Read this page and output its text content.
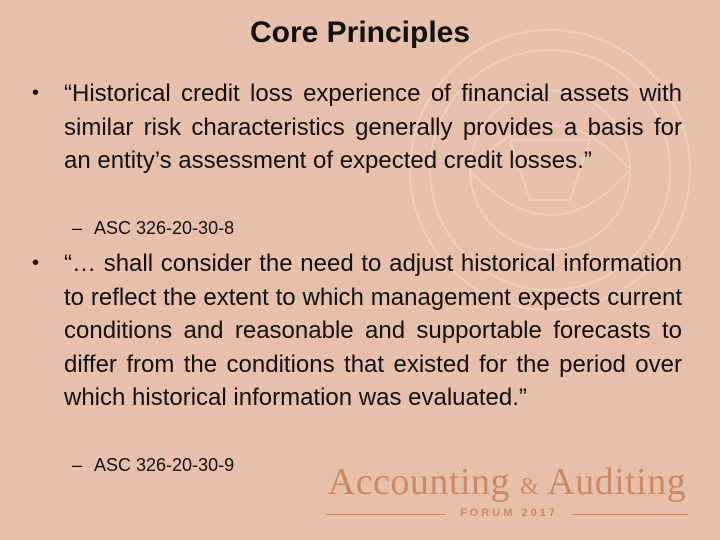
Core Principles
• “Historical credit loss experience of financial assets with similar risk characteristics generally provides a basis for an entity’s assessment of expected credit losses.”
– ASC 326-20-30-8
• “… shall consider the need to adjust historical information to reflect the extent to which management expects current conditions and reasonable and supportable forecasts to differ from the conditions that existed for the period over which historical information was evaluated.”
– ASC 326-20-30-9 Accounting & Auditing
FORUM 2017
